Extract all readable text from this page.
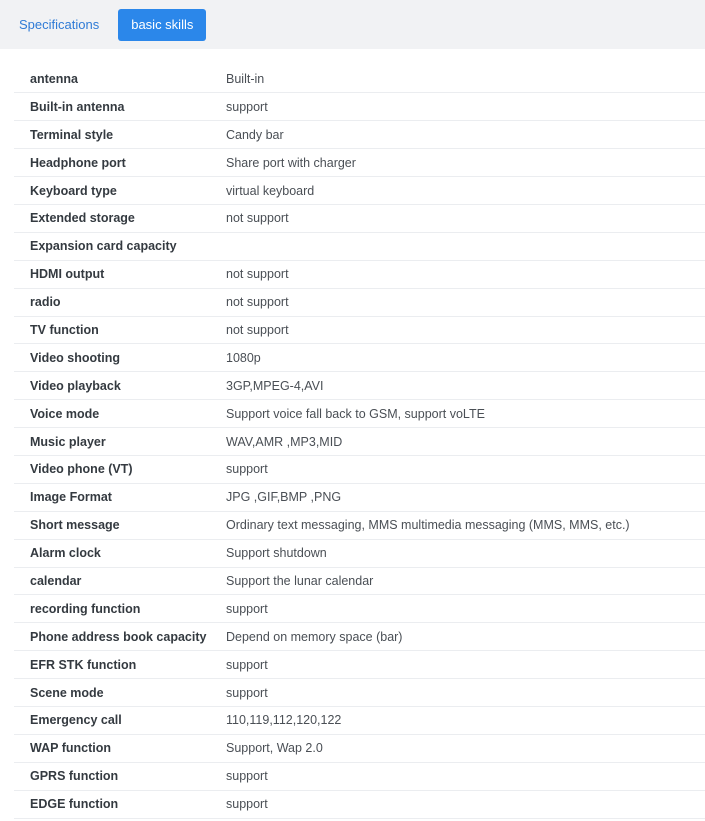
Specifications	basic skills
antenna	Built-in
Built-in antenna	support
Terminal style	Candy bar
Headphone port	Share port with charger
Keyboard type	virtual keyboard
Extended storage	not support
Expansion card capacity	
HDMI output	not support
radio	not support
TV function	not support
Video shooting	1080p
Video playback	3GP,MPEG-4,AVI
Voice mode	Support voice fall back to GSM, support voLTE
Music player	WAV,AMR ,MP3,MID
Video phone (VT)	support
Image Format	JPG ,GIF,BMP ,PNG
Short message	Ordinary text messaging, MMS multimedia messaging (MMS, MMS, etc.)
Alarm clock	Support shutdown
calendar	Support the lunar calendar
recording function	support
Phone address book capacity	Depend on memory space (bar)
EFR STK function	support
Scene mode	support
Emergency call	110,119,112,120,122
WAP function	Support, Wap 2.0
GPRS function	support
EDGE function	support
